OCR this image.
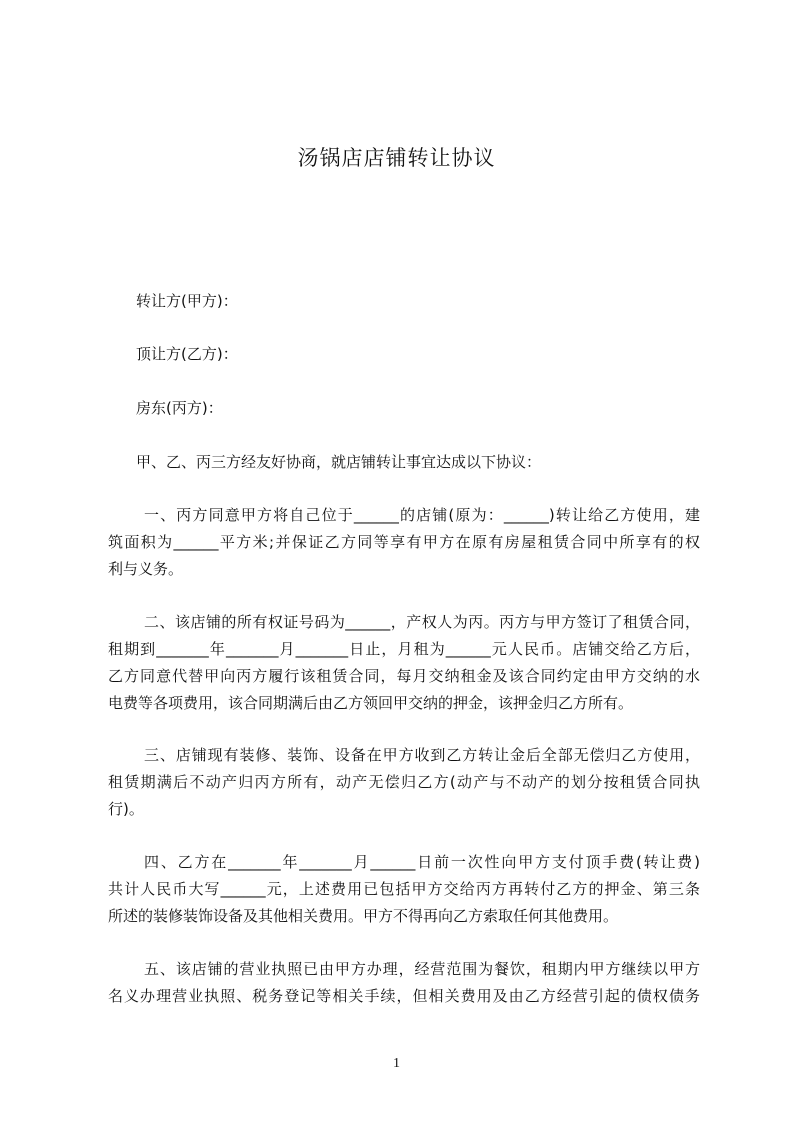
汤锅店店铺转让协议
转让方(甲方)：
顶让方(乙方)：
房东(丙方)：
甲、乙、丙三方经友好协商，就店铺转让事宜达成以下协议：
一、丙方同意甲方将自己位于______的店铺(原为：______)转让给乙方使用，建
筑面积为______平方米;并保证乙方同等享有甲方在原有房屋租赁合同中所享有的权
利与义务。
二、该店铺的所有权证号码为______，产权人为丙。丙方与甲方签订了租赁合同，
租期到_______年_______月_______日止，月租为______元人民币。店铺交给乙方后，
乙方同意代替甲向丙方履行该租赁合同，每月交纳租金及该合同约定由甲方交纳的水
电费等各项费用，该合同期满后由乙方领回甲交纳的押金，该押金归乙方所有。
三、店铺现有装修、装饰、设备在甲方收到乙方转让金后全部无偿归乙方使用，
租赁期满后不动产归丙方所有，动产无偿归乙方(动产与不动产的划分按租赁合同执
行)。
四、乙方在_______年_______月______日前一次性向甲方支付顶手费(转让费)
共计人民币大写______元，上述费用已包括甲方交给丙方再转付乙方的押金、第三条
所述的装修装饰设备及其他相关费用。甲方不得再向乙方索取任何其他费用。
五、该店铺的营业执照已由甲方办理，经营范围为餐饮，租期内甲方继续以甲方
名义办理营业执照、税务登记等相关手续，但相关费用及由乙方经营引起的债权债务
1
